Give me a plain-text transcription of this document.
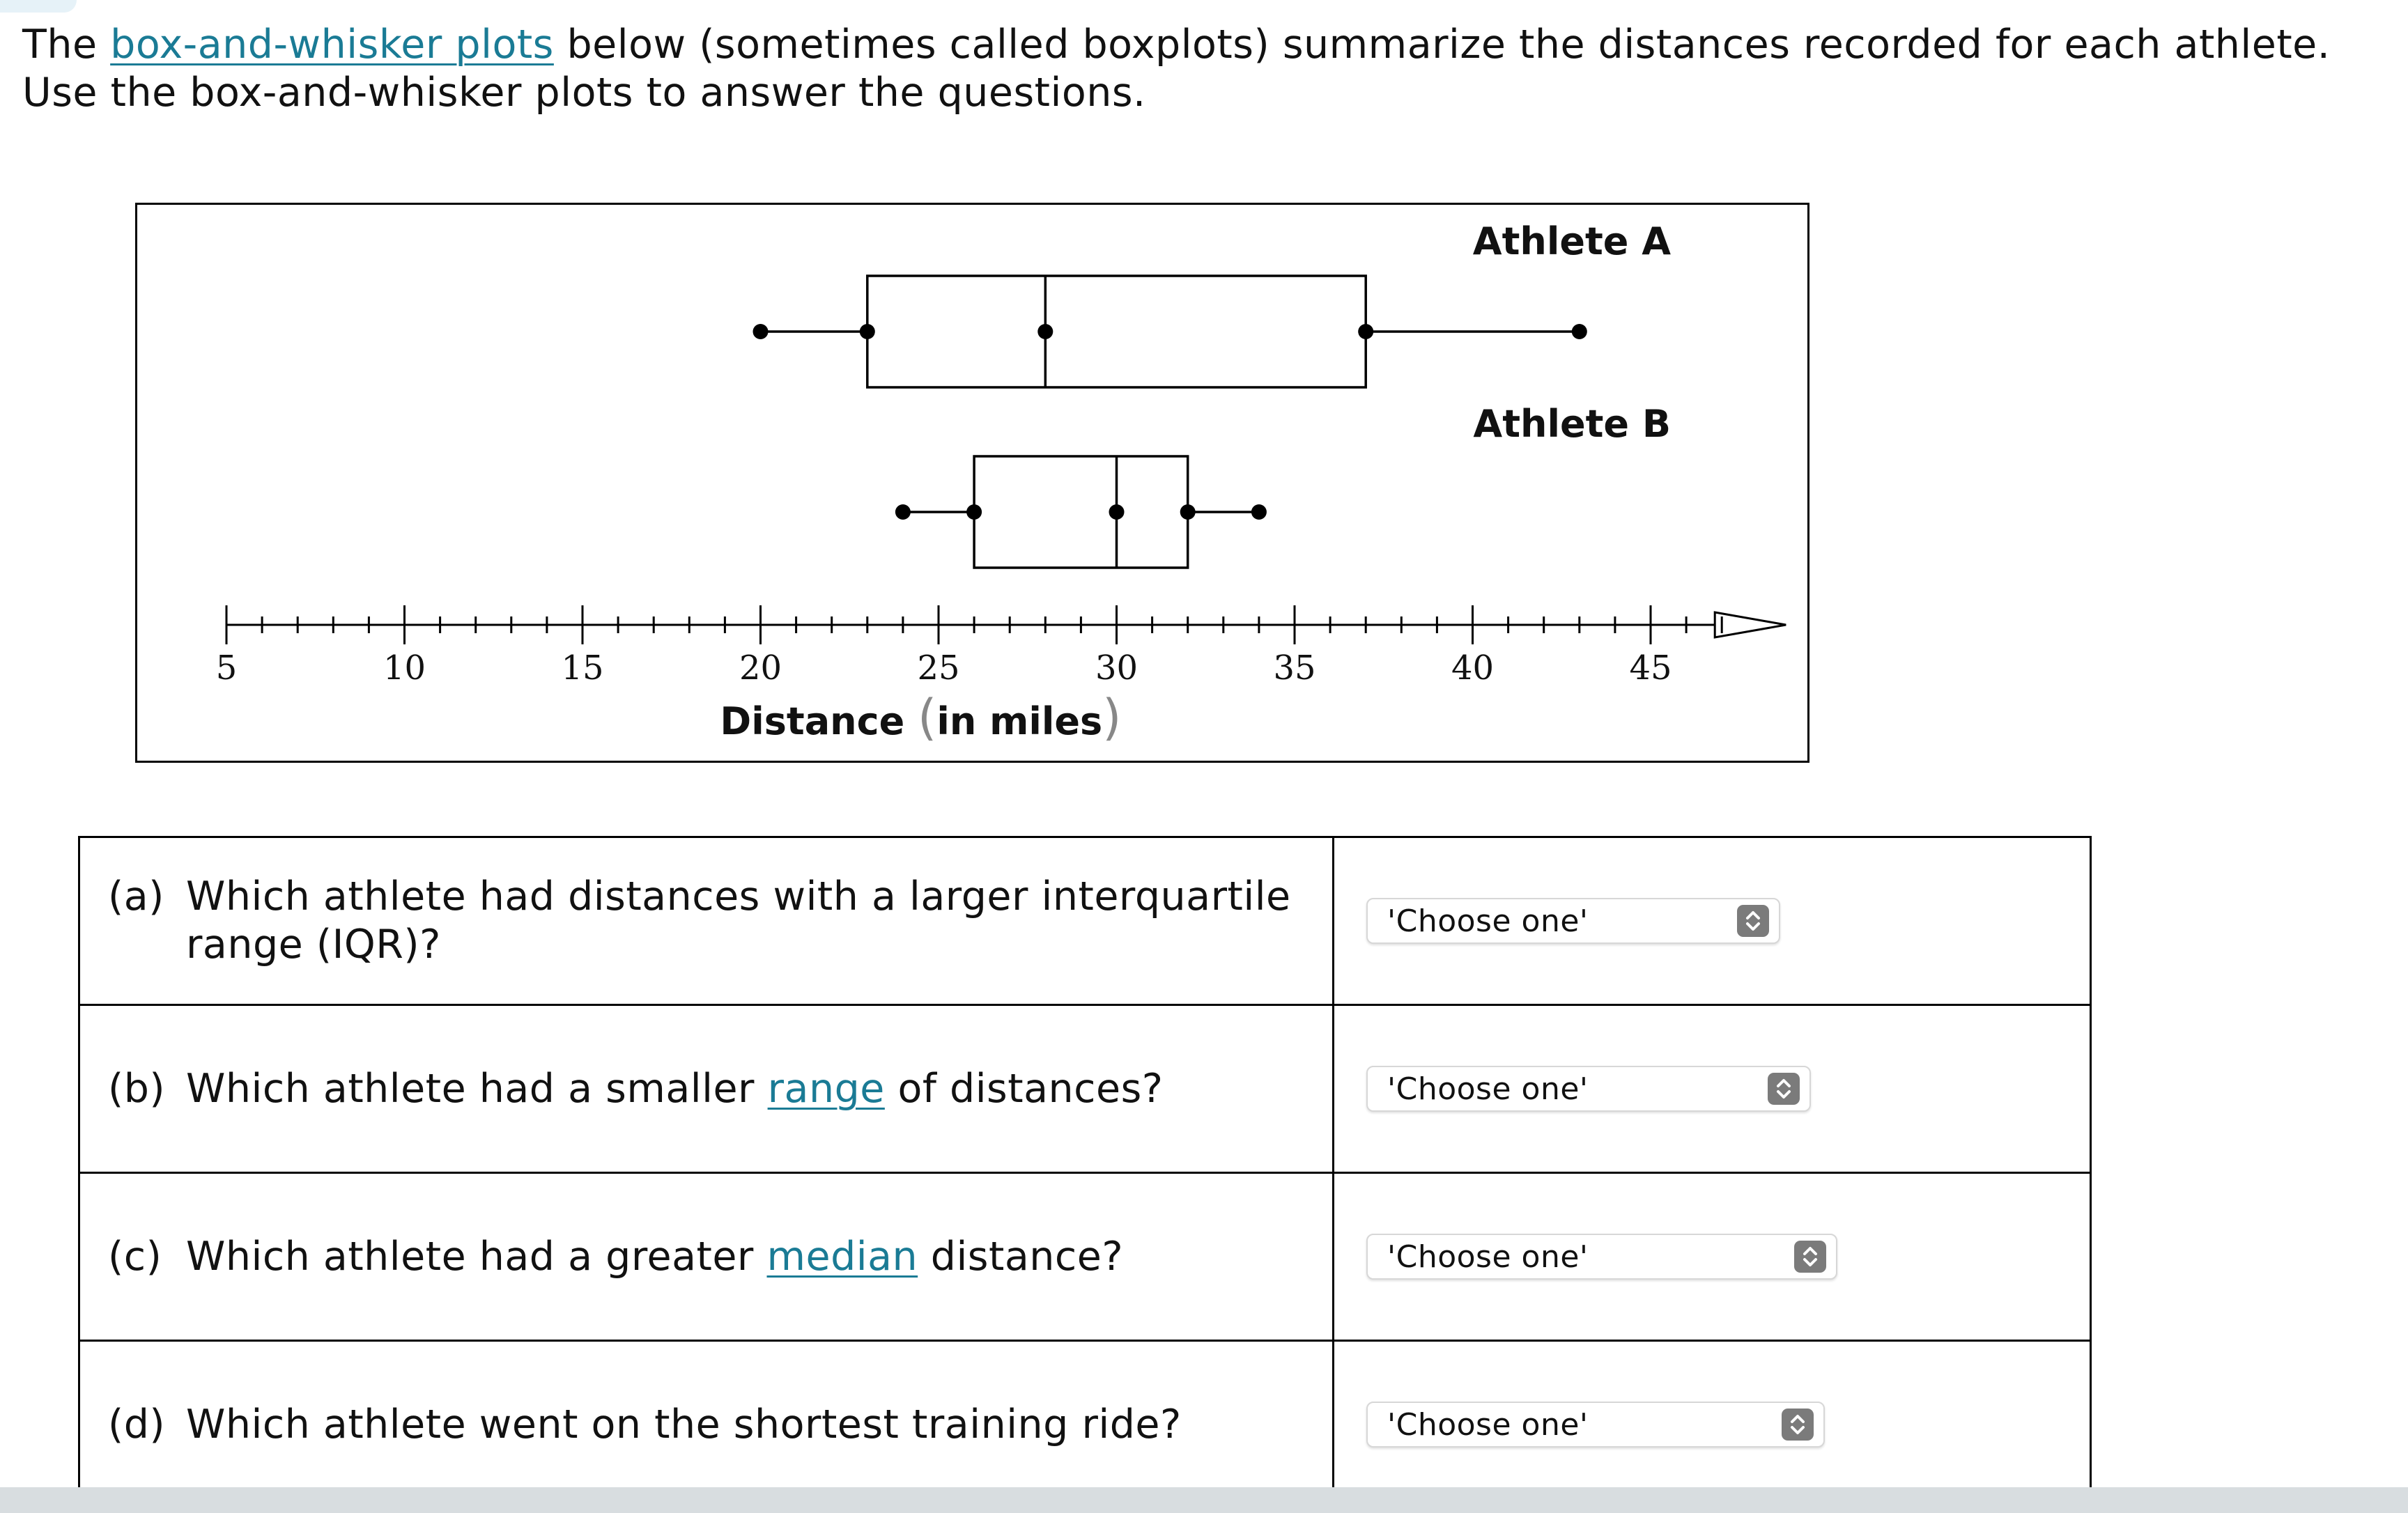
The box-and-whisker plots below (sometimes called boxplots) summarize the distances recorded for each athlete.

Use the box-and-whisker plots to answer the questions.

5	10	15	20	25	30	35	40	45
Distance (in miles)
Athlete A
Athlete B
(a) Which athlete had distances with a larger interquartile
range (IQR)?	'Choose one'

(b) Which athlete had a smaller range of distances?	'Choose one'

(c) Which athlete had a greater median distance?	'Choose one'

(d) Which athlete went on the shortest training ride?	'Choose one'
